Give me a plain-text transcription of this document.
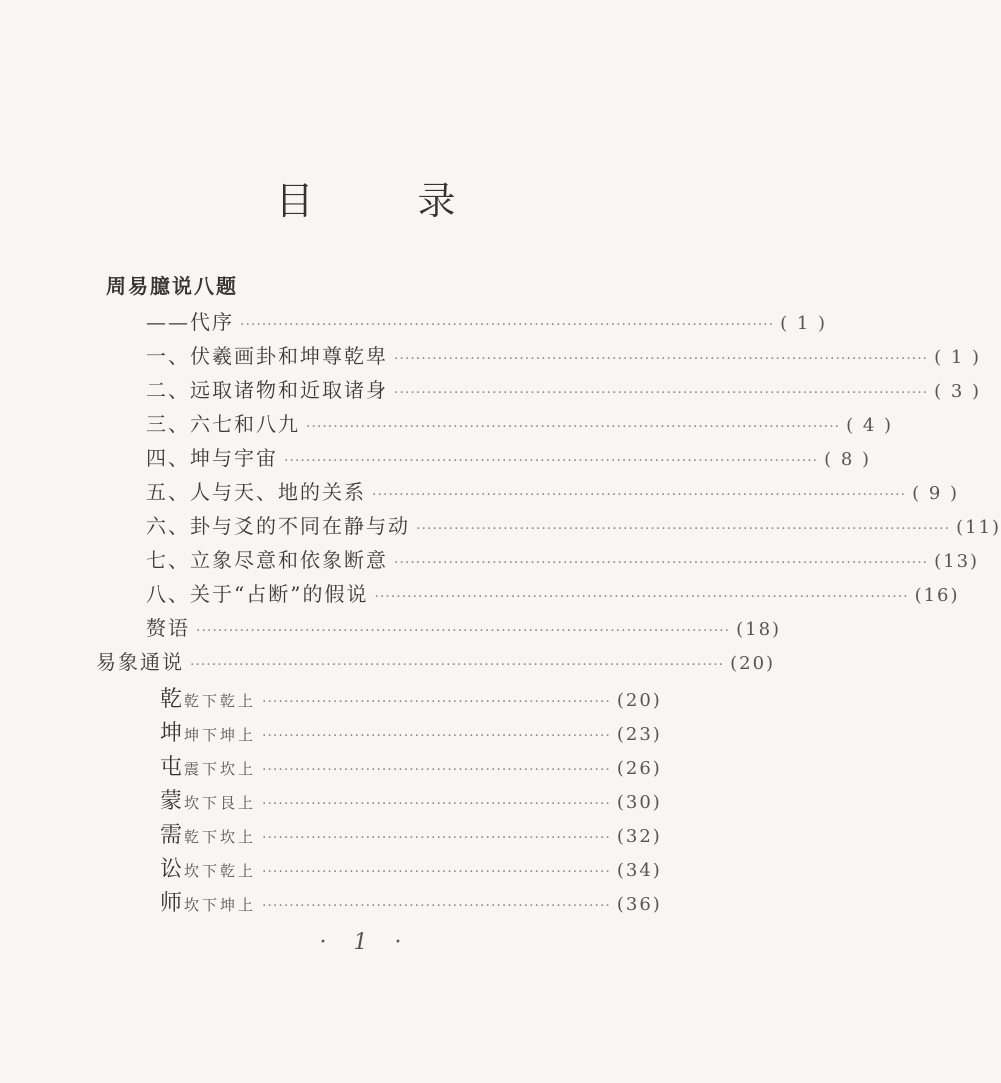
目 录
周易臆说八题
——代序 ·································································································· ( 1 )
一、伏羲画卦和坤尊乾卑 ·································································································· ( 1 )
二、远取诸物和近取诸身 ·································································································· ( 3 )
三、六七和八九 ·································································································· ( 4 )
四、坤与宇宙 ·································································································· ( 8 )
五、人与天、地的关系 ·································································································· ( 9 )
六、卦与爻的不同在静与动 ·································································································· (11)
七、立象尽意和依象断意 ·································································································· (13)
八、关于“占断”的假说 ·································································································· (16)
赘语 ·································································································· (18)
易象通说 ·································································································· (20)
乾 乾下乾上 ································································ (20)
坤 坤下坤上 ································································ (23)
屯 震下坎上 ································································ (26)
蒙 坎下艮上 ································································ (30)
需 乾下坎上 ································································ (32)
讼 坎下乾上 ································································ (34)
师 坎下坤上 ································································ (36)
· 1 ·
